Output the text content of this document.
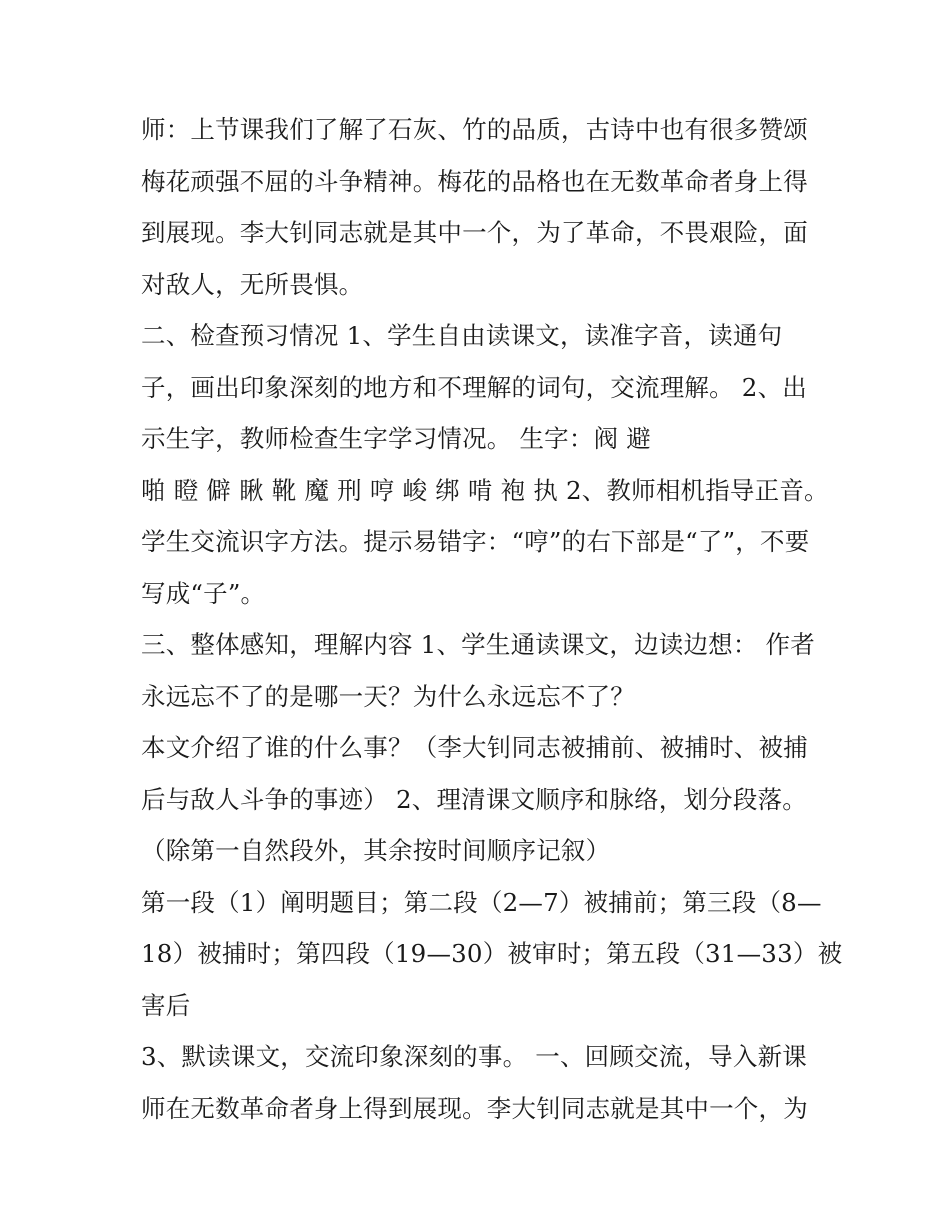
师：上节课我们了解了石灰、竹的品质，古诗中也有很多赞颂
梅花顽强不屈的斗争精神。梅花的品格也在无数革命者身上得
到展现。李大钊同志就是其中一个，为了革命，不畏艰险，面
对敌人，无所畏惧。
二、检查预习情况 1、学生自由读课文，读准字音，读通句
子，画出印象深刻的地方和不理解的词句，交流理解。 2、出
示生字，教师检查生字学习情况。 生字：阀 避
啪 瞪 僻 瞅 靴 魔 刑 哼 峻 绑 啃 袍 执 2、教师相机指导正音。
学生交流识字方法。提示易错字：“哼”的右下部是“了”，不要
写成“子”。
三、整体感知，理解内容 1、学生通读课文，边读边想： 作者
永远忘不了的是哪一天？为什么永远忘不了？
本文介绍了谁的什么事？（李大钊同志被捕前、被捕时、被捕
后与敌人斗争的事迹） 2、理清课文顺序和脉络，划分段落。
（除第一自然段外，其余按时间顺序记叙）
第一段（1）阐明题目；第二段（2—7）被捕前；第三段（8—
18）被捕时；第四段（19—30）被审时；第五段（31—33）被
害后
3、默读课文，交流印象深刻的事。 一、回顾交流，导入新课
师在无数革命者身上得到展现。李大钊同志就是其中一个，为
